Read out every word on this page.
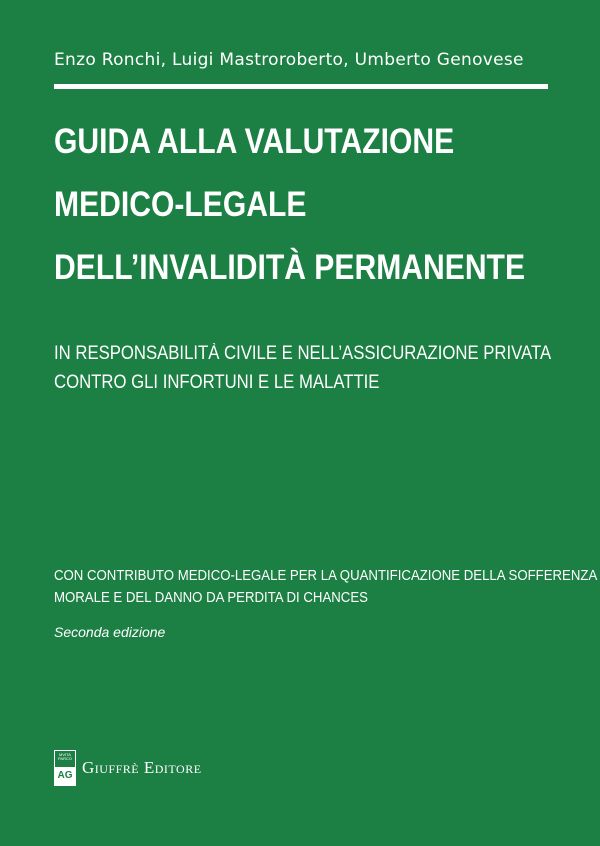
Enzo Ronchi, Luigi Mastroroberto, Umberto Genovese
GUIDA ALLA VALUTAZIONE
MEDICO-LEGALE
DELL’INVALIDITÀ PERMANENTE
IN RESPONSABILITÀ CIVILE E NELL’ASSICURAZIONE PRIVATA
CONTRO GLI INFORTUNI E LE MALATTIE
CON CONTRIBUTO MEDICO-LEGALE PER LA QUANTIFICAZIONE DELLA SOFFERENZA
MORALE E DEL DANNO DA PERDITA DI CHANCES
Seconda edizione
MVITA PARCO
AG Giuffrè Editore
